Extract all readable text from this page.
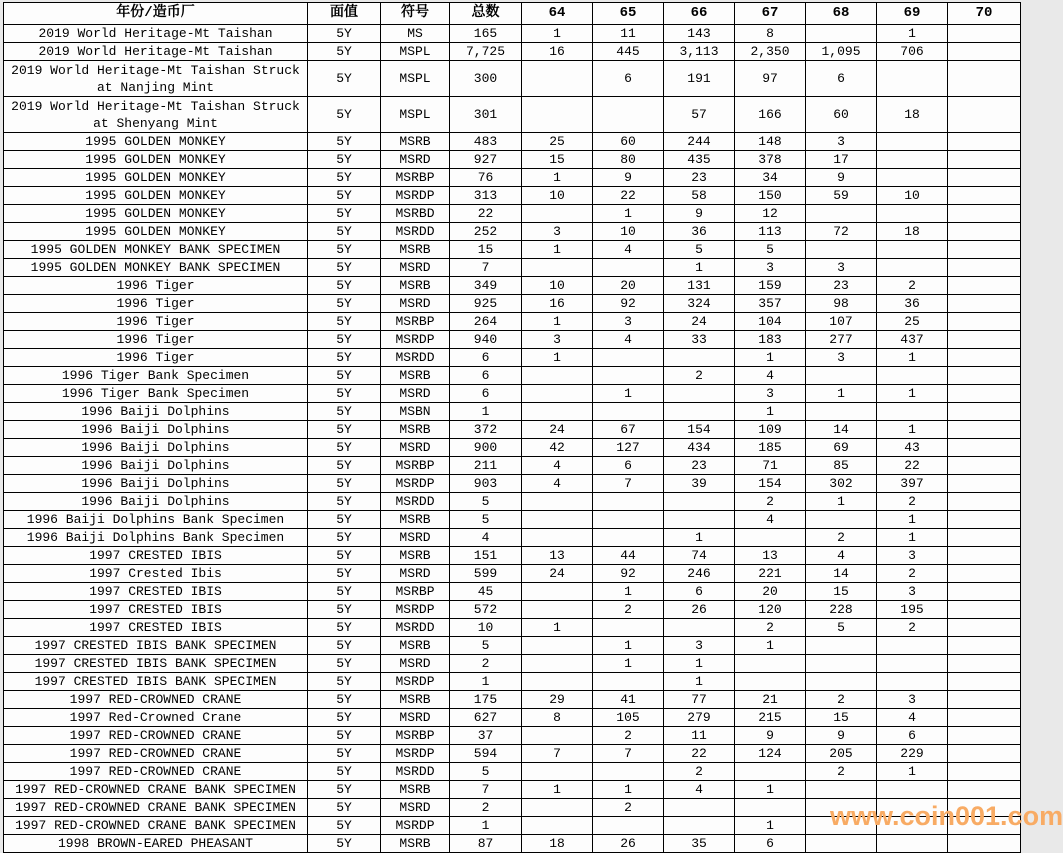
年份/造币厂	面值	符号	总数	64	65	66	67	68	69	70
2019 World Heritage-Mt Taishan	5Y	MS	165	1	11	143	8		1	
2019 World Heritage-Mt Taishan	5Y	MSPL	7,725	16	445	3,113	2,350	1,095	706	
2019 World Heritage-Mt Taishan Struck at Nanjing Mint	5Y	MSPL	300		6	191	97	6		
2019 World Heritage-Mt Taishan Struck at Shenyang Mint	5Y	MSPL	301			57	166	60	18	
1995 GOLDEN MONKEY	5Y	MSRB	483	25	60	244	148	3		
1995 GOLDEN MONKEY	5Y	MSRD	927	15	80	435	378	17		
1995 GOLDEN MONKEY	5Y	MSRBP	76	1	9	23	34	9		
1995 GOLDEN MONKEY	5Y	MSRDP	313	10	22	58	150	59	10	
1995 GOLDEN MONKEY	5Y	MSRBD	22		1	9	12			
1995 GOLDEN MONKEY	5Y	MSRDD	252	3	10	36	113	72	18	
1995 GOLDEN MONKEY BANK SPECIMEN	5Y	MSRB	15	1	4	5	5			
1995 GOLDEN MONKEY BANK SPECIMEN	5Y	MSRD	7			1	3	3		
1996 Tiger	5Y	MSRB	349	10	20	131	159	23	2	
1996 Tiger	5Y	MSRD	925	16	92	324	357	98	36	
1996 Tiger	5Y	MSRBP	264	1	3	24	104	107	25	
1996 Tiger	5Y	MSRDP	940	3	4	33	183	277	437	
1996 Tiger	5Y	MSRDD	6	1			1	3	1	
1996 Tiger Bank Specimen	5Y	MSRB	6			2	4			
1996 Tiger Bank Specimen	5Y	MSRD	6		1		3	1	1	
1996 Baiji Dolphins	5Y	MSBN	1				1			
1996 Baiji Dolphins	5Y	MSRB	372	24	67	154	109	14	1	
1996 Baiji Dolphins	5Y	MSRD	900	42	127	434	185	69	43	
1996 Baiji Dolphins	5Y	MSRBP	211	4	6	23	71	85	22	
1996 Baiji Dolphins	5Y	MSRDP	903	4	7	39	154	302	397	
1996 Baiji Dolphins	5Y	MSRDD	5				2	1	2	
1996 Baiji Dolphins Bank Specimen	5Y	MSRB	5				4		1	
1996 Baiji Dolphins Bank Specimen	5Y	MSRD	4			1		2	1	
1997 CRESTED IBIS	5Y	MSRB	151	13	44	74	13	4	3	
1997 Crested Ibis	5Y	MSRD	599	24	92	246	221	14	2	
1997 CRESTED IBIS	5Y	MSRBP	45		1	6	20	15	3	
1997 CRESTED IBIS	5Y	MSRDP	572		2	26	120	228	195	
1997 CRESTED IBIS	5Y	MSRDD	10	1			2	5	2	
1997 CRESTED IBIS BANK SPECIMEN	5Y	MSRB	5		1	3	1			
1997 CRESTED IBIS BANK SPECIMEN	5Y	MSRD	2		1	1				
1997 CRESTED IBIS BANK SPECIMEN	5Y	MSRDP	1			1				
1997 RED-CROWNED CRANE	5Y	MSRB	175	29	41	77	21	2	3	
1997 Red-Crowned Crane	5Y	MSRD	627	8	105	279	215	15	4	
1997 RED-CROWNED CRANE	5Y	MSRBP	37		2	11	9	9	6	
1997 RED-CROWNED CRANE	5Y	MSRDP	594	7	7	22	124	205	229	
1997 RED-CROWNED CRANE	5Y	MSRDD	5			2		2	1	
1997 RED-CROWNED CRANE BANK SPECIMEN	5Y	MSRB	7	1	1	4	1			
1997 RED-CROWNED CRANE BANK SPECIMEN	5Y	MSRD	2		2					
1997 RED-CROWNED CRANE BANK SPECIMEN	5Y	MSRDP	1				1			
1998 BROWN-EARED PHEASANT	5Y	MSRB	87	18	26	35	6			
www.coin001.com
